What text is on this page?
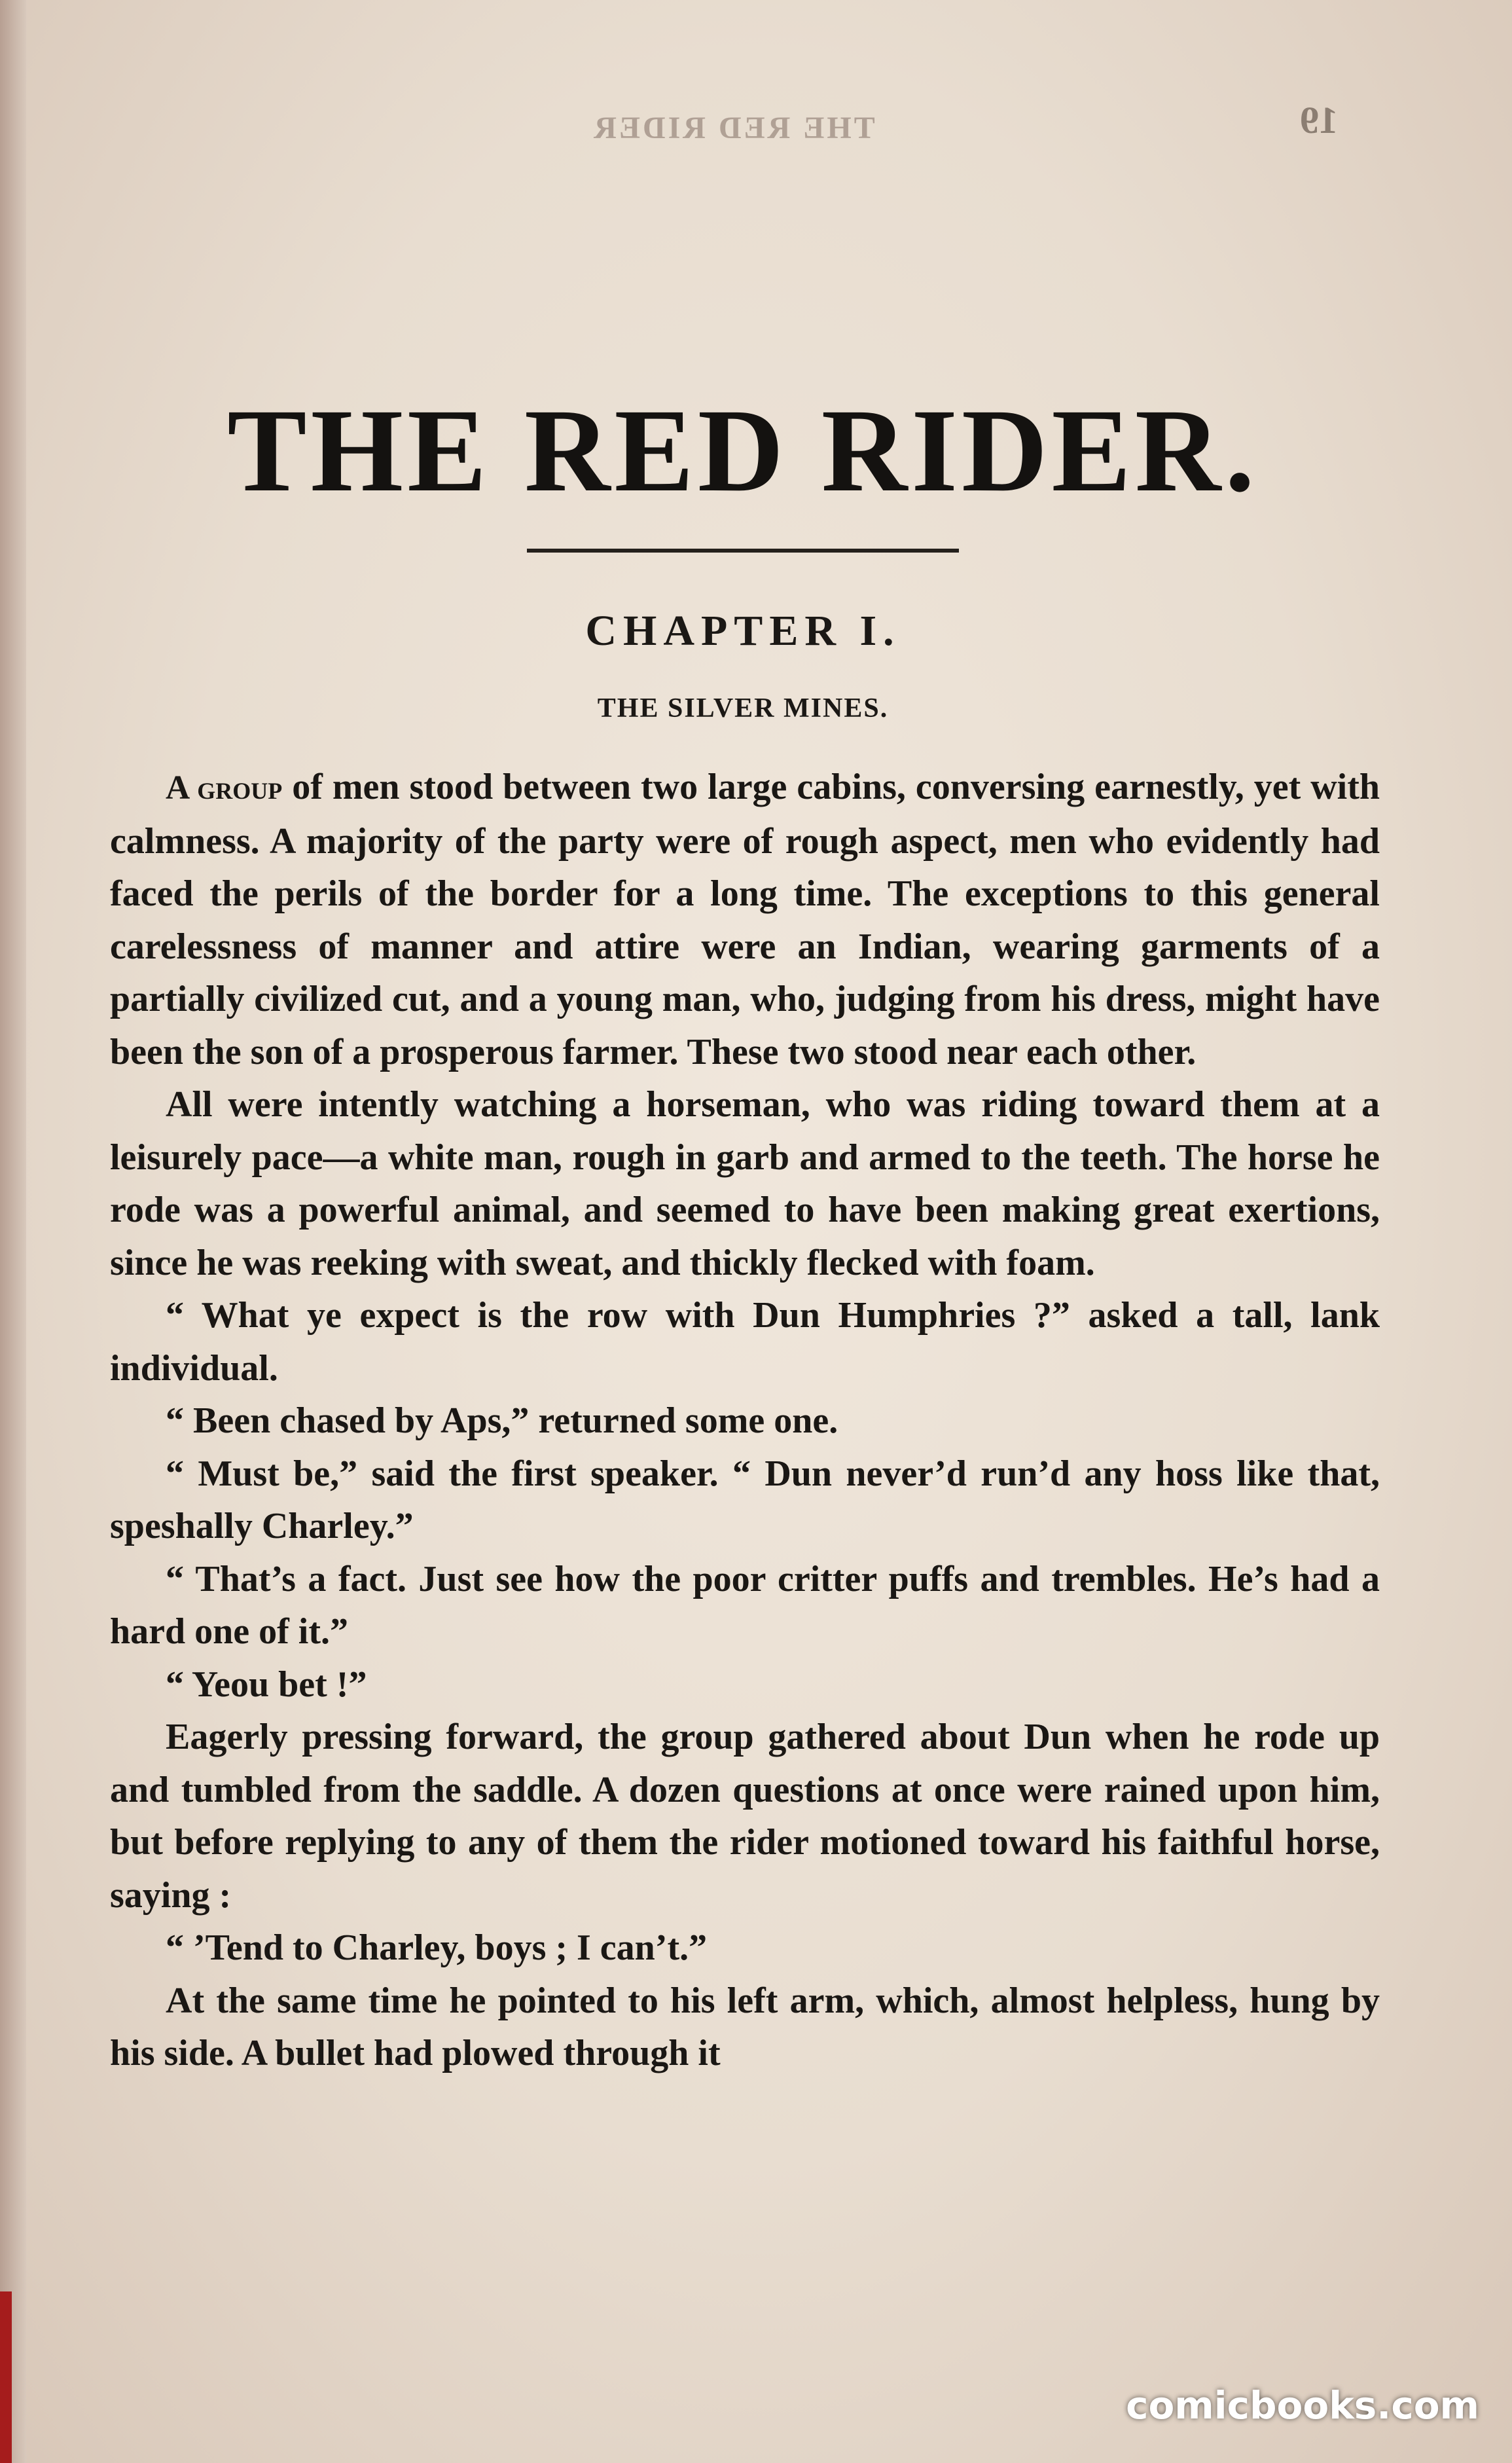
THE RED RIDER	19
THE RED RIDER.
CHAPTER I.
THE SILVER MINES.

A group of men stood between two large cabins, conversing earnestly, yet with calmness. A majority of the party were of rough aspect, men who evidently had faced the perils of the border for a long time. The exceptions to this general carelessness of manner and attire were an Indian, wearing garments of a partially civilized cut, and a young man, who, judging from his dress, might have been the son of a prosperous farmer. These two stood near each other.

All were intently watching a horseman, who was riding toward them at a leisurely pace—a white man, rough in garb and armed to the teeth. The horse he rode was a powerful animal, and seemed to have been making great exertions, since he was reeking with sweat, and thickly flecked with foam.

“ What ye expect is the row with Dun Humphries ?” asked a tall, lank individual.

“ Been chased by Aps,” returned some one.

“ Must be,” said the first speaker. “ Dun never’d run’d any hoss like that, speshally Charley.”

“ That’s a fact. Just see how the poor critter puffs and trembles. He’s had a hard one of it.”

“ Yeou bet !”

Eagerly pressing forward, the group gathered about Dun when he rode up and tumbled from the saddle. A dozen questions at once were rained upon him, but before replying to any of them the rider motioned toward his faithful horse, saying :

“ ’Tend to Charley, boys ; I can’t.”

At the same time he pointed to his left arm, which, almost helpless, hung by his side. A bullet had plowed through it

comicbooks.com
